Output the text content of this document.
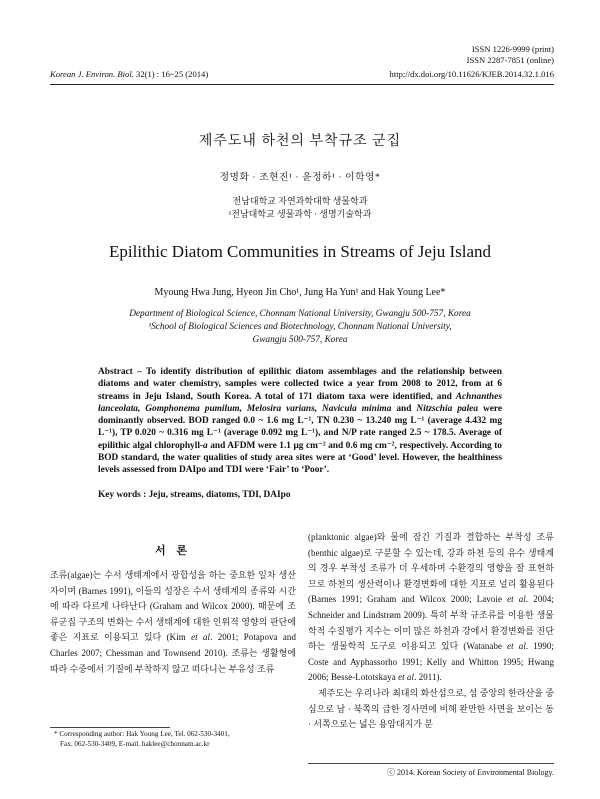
ISSN 1226-9999 (print)
ISSN 2287-7851 (online)
Korean J. Environ. Biol. 32(1) : 16~25 (2014)	http://dx.doi.org/10.11626/KJEB.2014.32.1.016
제주도내 하천의 부착규조 군집
정명화 · 조현진¹ · 윤정하¹ · 이학영*
전남대학교 자연과학대학 생물학과
¹전남대학교 생물과학 · 생명기술학과
Epilithic Diatom Communities in Streams of Jeju Island
Myoung Hwa Jung, Hyeon Jin Cho¹, Jung Ha Yun¹ and Hak Young Lee*
Department of Biological Science, Chonnam National University, Gwangju 500-757, Korea
¹School of Biological Sciences and Biotechnology, Chonnam National University,
Gwangju 500-757, Korea
Abstract – To identify distribution of epilithic diatom assemblages and the relationship between diatoms and water chemistry, samples were collected twice a year from 2008 to 2012, from at 6 streams in Jeju Island, South Korea. A total of 171 diatom taxa were identified, and Achnanthes lanceolata, Gomphonema pumilum, Melosira varians, Navicula minima and Nitzschia palea were dominantly observed. BOD ranged 0.0 ~ 1.6 mg L⁻¹, TN 0.230 ~ 13.240 mg L⁻¹ (average 4.432 mg L⁻¹), TP 0.020 ~ 0.316 mg L⁻¹ (average 0.092 mg L⁻¹), and N/P rate ranged 2.5 ~ 178.5. Average of epilithic algal chlorophyll-a and AFDM were 1.1 μg cm⁻² and 0.6 mg cm⁻², respectively. According to BOD standard, the water qualities of study area sites were at ‘Good’ level. However, the healthiness levels assessed from DAIpo and TDI were ‘Fair’ to ‘Poor’.
Key words : Jeju, streams, diatoms, TDI, DAIpo
서 론
조류(algae)는 수서 생태계에서 광합성을 하는 중요한 일차 생산자이며 (Barnes 1991), 이들의 성장은 수서 생태계의 종류와 시간에 따라 다르게 나타난다 (Graham and Wilcox 2000). 때문에 조류군집 구조의 변화는 수서 생태계에 대한 인위적 영향의 판단에 좋은 지표로 이용되고 있다 (Kim et al. 2001; Potapova and Charles 2007; Chessman and Townsend 2010). 조류는 생활형에 따라 수중에서 기질에 부착하지 않고 떠다니는 부유성 조류
(planktonic algae)와 물에 잠긴 기질과 결합하는 부착성 조류 (benthic algae)로 구분할 수 있는데, 강과 하천 등의 유수 생태계의 경우 부착성 조류가 더 우세하며 수환경의 영향을 잘 표현하므로 하천의 생산력이나 환경변화에 대한 지표로 널리 활용된다 (Barnes 1991; Graham and Wilcox 2000; Lavoie et al. 2004; Schneider and Lindstrøm 2009). 특히 부착 규조류를 이용한 생물학적 수질평가 지수는 이미 많은 하천과 강에서 환경변화를 진단하는 생물학적 도구로 이용되고 있다 (Watanabe et al. 1990; Coste and Ayphassorho 1991; Kelly and Whitton 1995; Hwang 2006; Besse-Lototskaya et al. 2011).
제주도는 우리나라 최대의 화산섬으로, 섬 중앙의 한라산을 중심으로 남 · 북쪽의 급한 경사면에 비해 완만한 사면을 보이는 동 · 서쪽으로는 넓은 용암대지가 분
* Corresponding author: Hak Young Lee, Tel. 062-530-3401,
Fax. 062-530-3409, E-mail. haklee@chonnam.ac.kr
ⓒ 2014. Korean Society of Environmental Biology.
